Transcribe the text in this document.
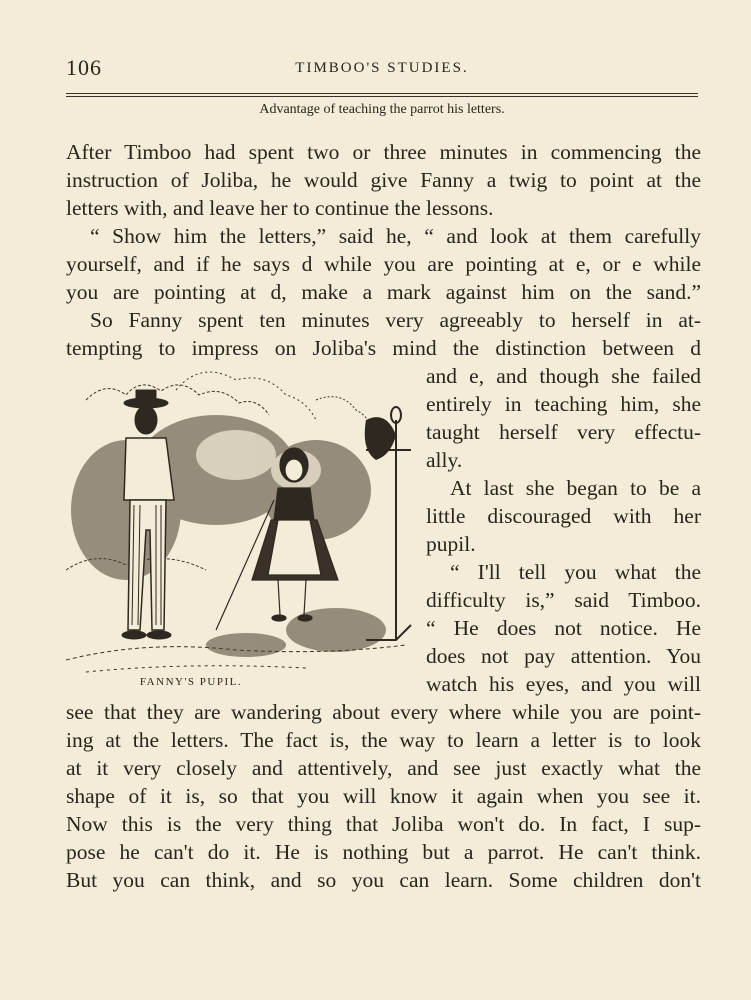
106	TIMBOO'S STUDIES.
Advantage of teaching the parrot his letters.
After Timboo had spent two or three minutes in commencing the
instruction of Joliba, he would give Fanny a twig to point at the
letters with, and leave her to continue the lessons.
“ Show him the letters,” said he, “ and look at them carefully
yourself, and if he says d while you are pointing at e, or e while
you are pointing at d, make a mark against him on the sand.”
So Fanny spent ten minutes very agreeably to herself in at-
tempting to impress on Joliba's mind the distinction between d
and e, and though she failed
entirely in teaching him, she
taught herself very effectu-
ally.
At last she began to be a
little discouraged with her
pupil.
“ I'll tell you what the
difficulty is,” said Timboo.
“ He does not notice. He
does not pay attention. You
watch his eyes, and you will
see that they are wandering about every where while you are point-
ing at the letters. The fact is, the way to learn a letter is to look
at it very closely and attentively, and see just exactly what the
shape of it is, so that you will know it again when you see it.
Now this is the very thing that Joliba won't do. In fact, I sup-
pose he can't do it. He is nothing but a parrot. He can't think.
But you can think, and so you can learn. Some children don't
FANNY'S PUPIL.
